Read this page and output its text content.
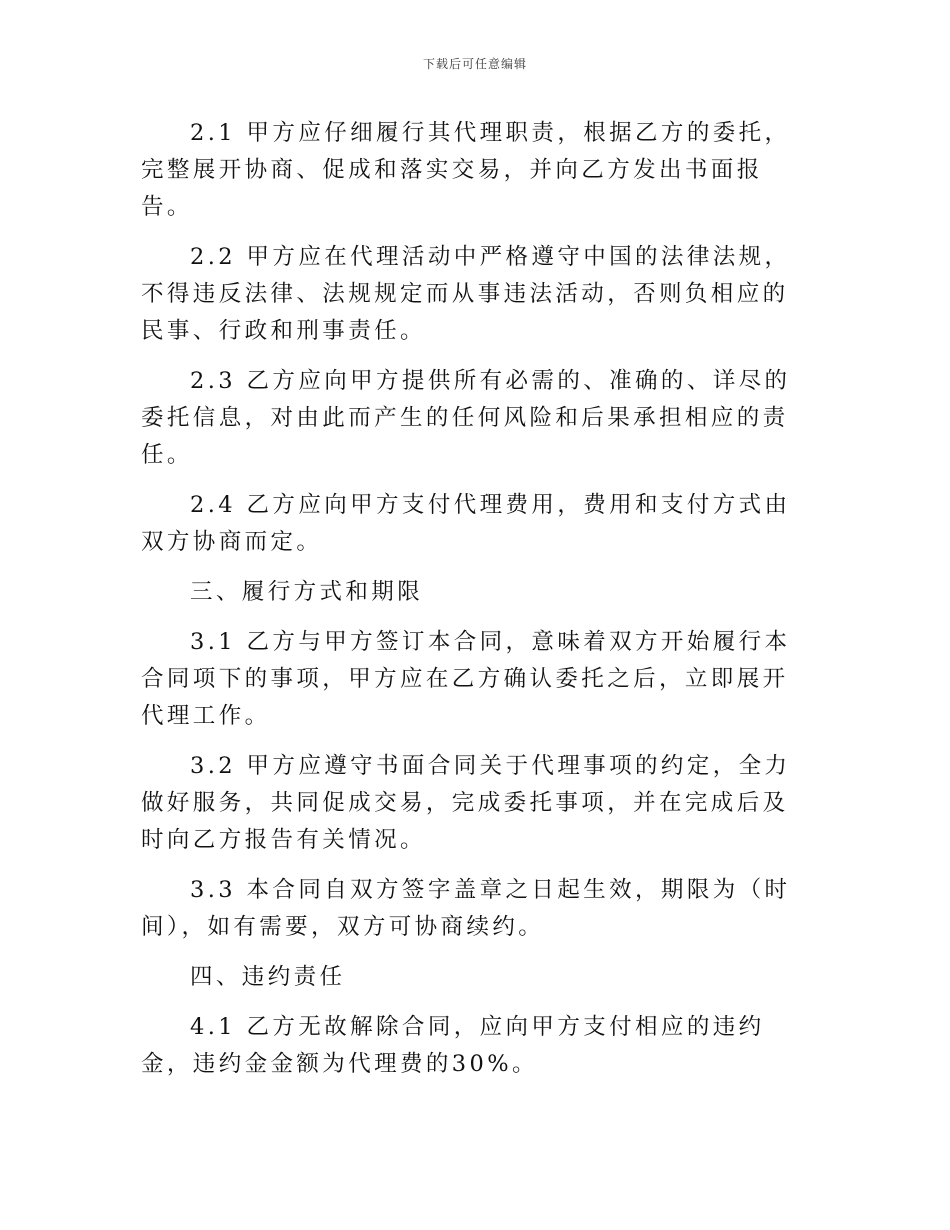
下载后可任意编辑

2.1 甲方应仔细履行其代理职责，根据乙方的委托，完整展开协商、促成和落实交易，并向乙方发出书面报告。

2.2 甲方应在代理活动中严格遵守中国的法律法规，不得违反法律、法规规定而从事违法活动，否则负相应的民事、行政和刑事责任。

2.3 乙方应向甲方提供所有必需的、准确的、详尽的委托信息，对由此而产生的任何风险和后果承担相应的责任。

2.4 乙方应向甲方支付代理费用，费用和支付方式由双方协商而定。

三、履行方式和期限

3.1 乙方与甲方签订本合同，意味着双方开始履行本合同项下的事项，甲方应在乙方确认委托之后，立即展开代理工作。

3.2 甲方应遵守书面合同关于代理事项的约定，全力做好服务，共同促成交易，完成委托事项，并在完成后及时向乙方报告有关情况。

3.3 本合同自双方签字盖章之日起生效，期限为（时间），如有需要，双方可协商续约。

四、违约责任

4.1 乙方无故解除合同，应向甲方支付相应的违约金，违约金金额为代理费的30%。
